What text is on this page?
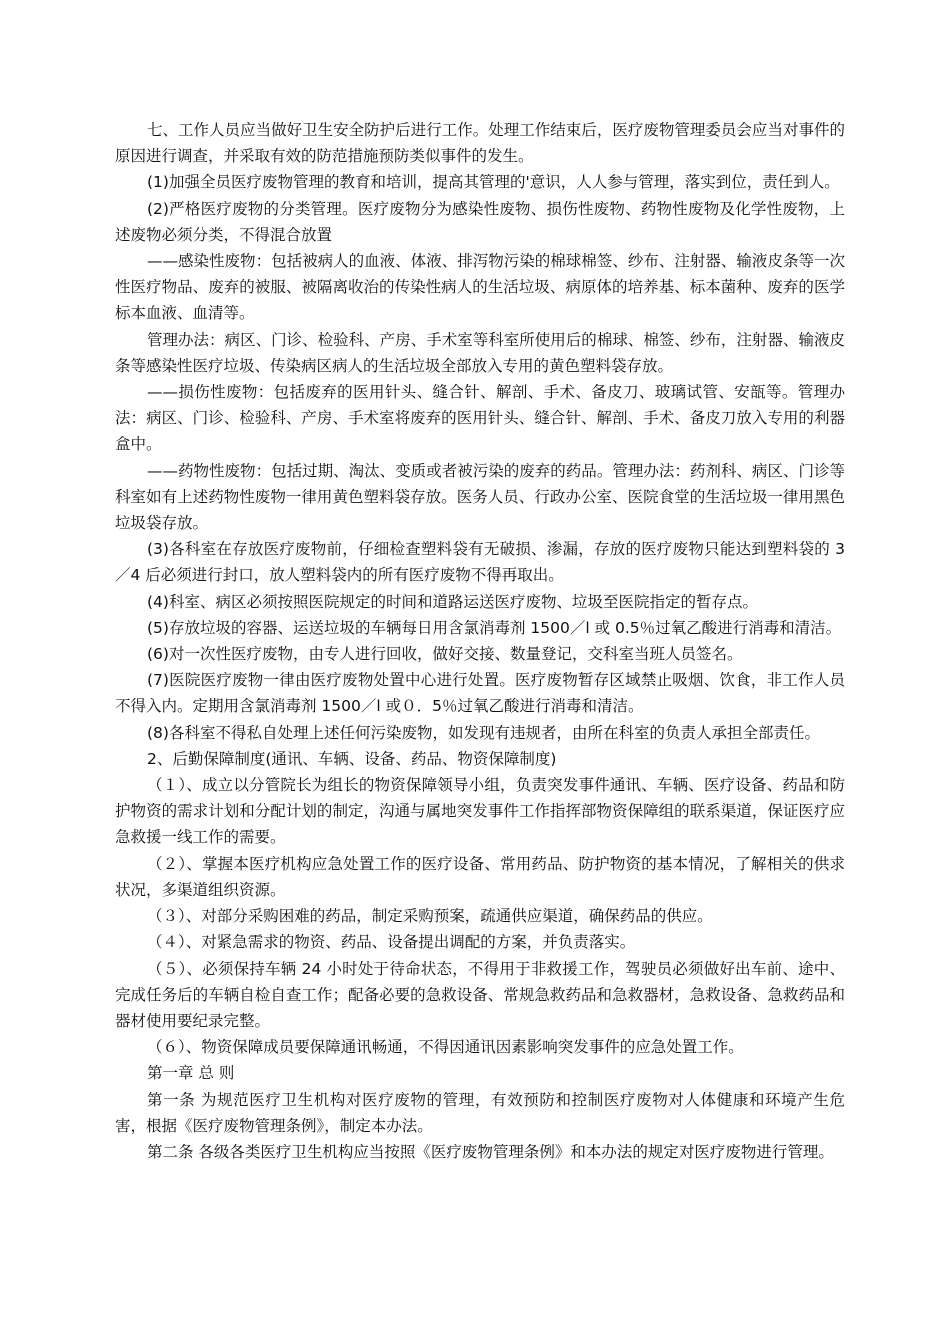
七、工作人员应当做好卫生安全防护后进行工作。处理工作结束后，医疗废物管理委员会应当对事件的原因进行调查，并采取有效的防范措施预防类似事件的发生。

(1)加强全员医疗废物管理的教育和培训，提高其管理的'意识，人人参与管理，落实到位，责任到人。

(2)严格医疗废物的分类管理。医疗废物分为感染性废物、损伤性废物、药物性废物及化学性废物，上述废物必须分类，不得混合放置

——感染性废物：包括被病人的血液、体液、排泻物污染的棉球棉签、纱布、注射器、输液皮条等一次性医疗物品、废弃的被服、被隔离收治的传染性病人的生活垃圾、病原体的培养基、标本菌种、废弃的医学标本血液、血清等。

管理办法：病区、门诊、检验科、产房、手术室等科室所使用后的棉球、棉签、纱布，注射器、输液皮条等感染性医疗垃圾、传染病区病人的生活垃圾全部放入专用的黄色塑料袋存放。

——损伤性废物：包括废弃的医用针头、缝合针、解剖、手术、备皮刀、玻璃试管、安瓿等。管理办法：病区、门诊、检验科、产房、手术室将废弃的医用针头、缝合针、解剖、手术、备皮刀放入专用的利器盒中。

——药物性废物：包括过期、淘汰、变质或者被污染的废弃的药品。管理办法：药剂科、病区、门诊等科室如有上述药物性废物一律用黄色塑料袋存放。医务人员、行政办公室、医院食堂的生活垃圾一律用黑色垃圾袋存放。

(3)各科室在存放医疗废物前，仔细检查塑料袋有无破损、渗漏，存放的医疗废物只能达到塑料袋的 3／4 后必须进行封口，放人塑料袋内的所有医疗废物不得再取出。

(4)科室、病区必须按照医院规定的时间和道路运送医疗废物、垃圾至医院指定的暂存点。

(5)存放垃圾的容器、运送垃圾的车辆每日用含氯消毒剂 1500／l 或 0.5％过氧乙酸进行消毒和清洁。

(6)对一次性医疗废物，由专人进行回收，做好交接、数量登记，交科室当班人员签名。

(7)医院医疗废物一律由医疗废物处置中心进行处置。医疗废物暂存区域禁止吸烟、饮食，非工作人员不得入内。定期用含氯消毒剂 1500／l 或０．5％过氧乙酸进行消毒和清洁。

(8)各科室不得私自处理上述任何污染废物，如发现有违规者，由所在科室的负责人承担全部责任。

2、后勤保障制度(通讯、车辆、设备、药品、物资保障制度)

（１）、成立以分管院长为组长的物资保障领导小组，负责突发事件通讯、车辆、医疗设备、药品和防护物资的需求计划和分配计划的制定，沟通与属地突发事件工作指挥部物资保障组的联系渠道，保证医疗应急救援一线工作的需要。

（２）、掌握本医疗机构应急处置工作的医疗设备、常用药品、防护物资的基本情况，了解相关的供求状况，多渠道组织资源。

（３）、对部分采购困难的药品，制定采购预案，疏通供应渠道，确保药品的供应。

（４）、对紧急需求的物资、药品、设备提出调配的方案，并负责落实。

（５）、必须保持车辆 24 小时处于待命状态，不得用于非救援工作，驾驶员必须做好出车前、途中、完成任务后的车辆自检自查工作；配备必要的急救设备、常规急救药品和急救器材，急救设备、急救药品和器材使用要纪录完整。

（６）、物资保障成员要保障通讯畅通，不得因通讯因素影响突发事件的应急处置工作。

第一章 总 则

第一条 为规范医疗卫生机构对医疗废物的管理，有效预防和控制医疗废物对人体健康和环境产生危害，根据《医疗废物管理条例》，制定本办法。

第二条 各级各类医疗卫生机构应当按照《医疗废物管理条例》和本办法的规定对医疗废物进行管理。
